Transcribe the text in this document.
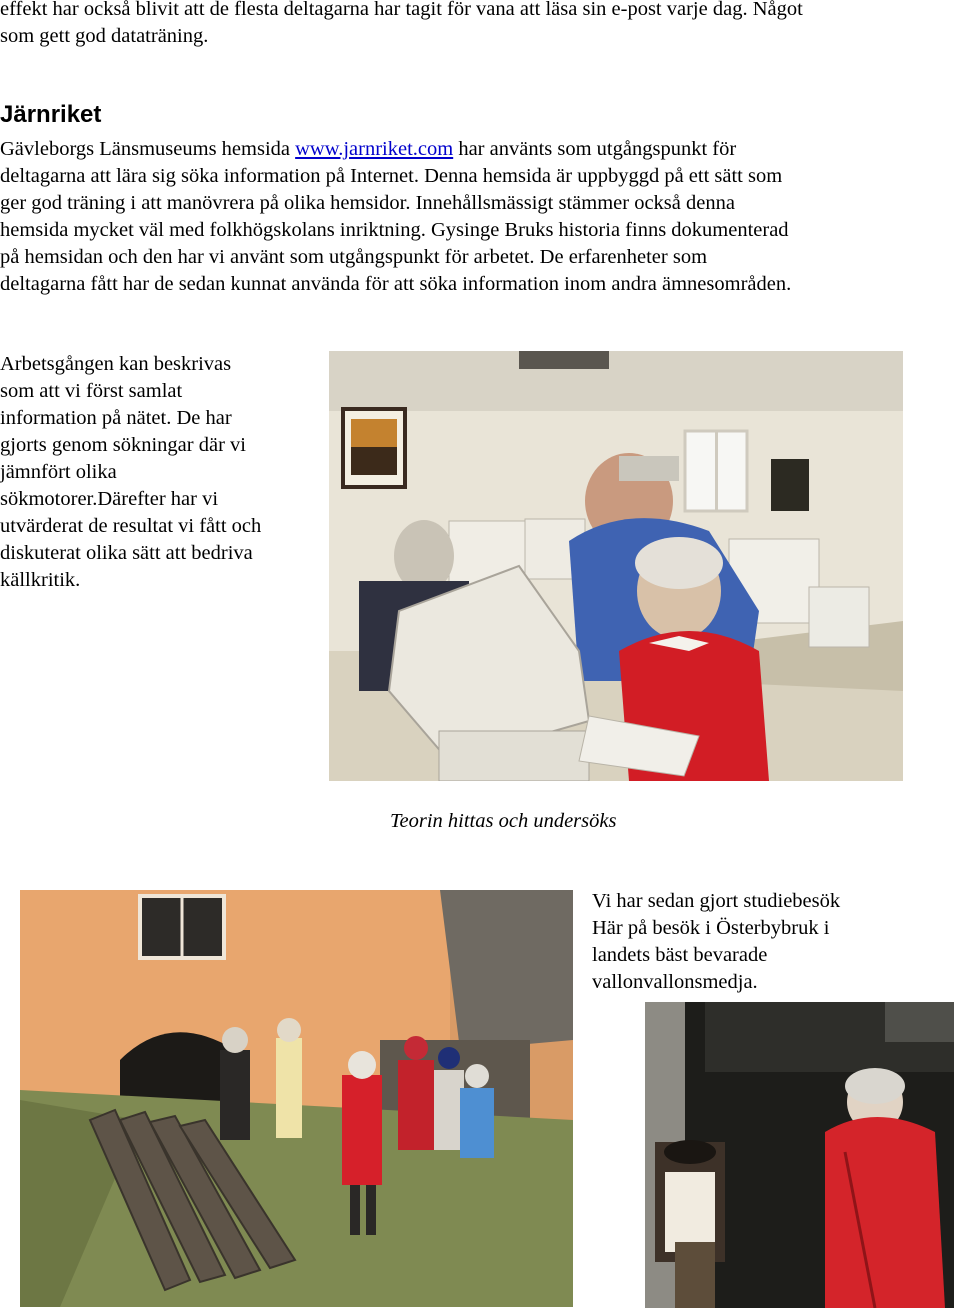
effekt har också blivit att de flesta deltagarna har tagit för vana att läsa sin e-post varje dag. Något
som gett god dataträning.
Järnriket
Gävleborgs Länsmuseums hemsida www.jarnriket.com har använts som utgångspunkt för
deltagarna att lära sig söka information på Internet. Denna hemsida är uppbyggd på ett sätt som
ger god träning i att manövrera på olika hemsidor. Innehållsmässigt stämmer också denna
hemsida mycket väl med folkhögskolans inriktning. Gysinge Bruks historia finns dokumenterad
på hemsidan och den har vi använt som utgångspunkt för arbetet. De erfarenheter som
deltagarna fått har de sedan kunnat använda för att söka information inom andra ämnesområden.
Arbetsgången kan beskrivas
som att vi först samlat
information på nätet. De har
gjorts genom sökningar där vi
jämnfört olika
sökmotorer.Därefter har vi
utvärderat de resultat vi fått och
diskuterat olika sätt att bedriva
källkritik.
Teorin hittas och undersöks
Vi har sedan gjort studiebesök
Här på besök i Österbybruk i
landets bäst bevarade
vallonvallonsmedja.
